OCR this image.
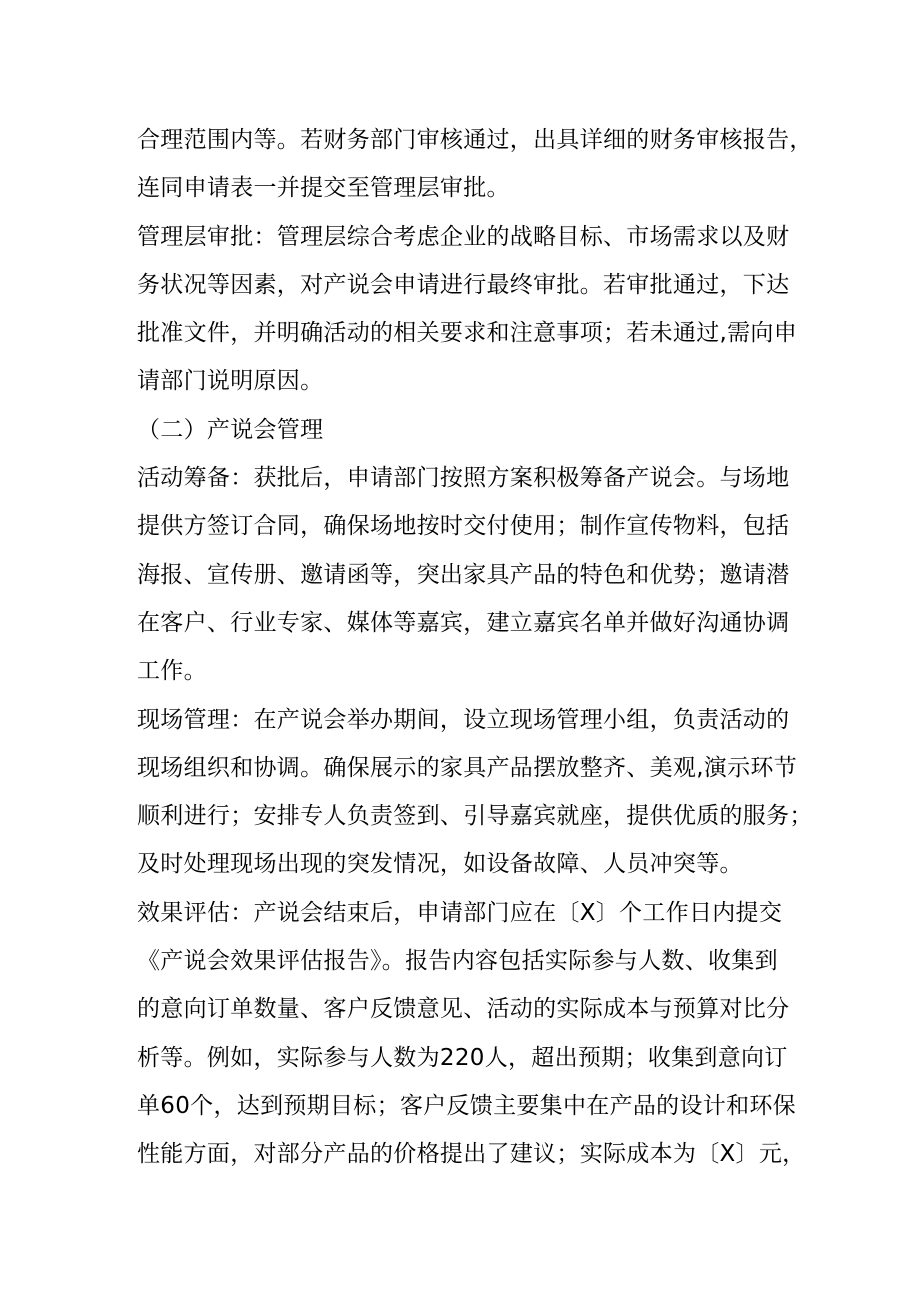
合理范围内等。若财务部门审核通过，出具详细的财务审核报告，
连同申请表一并提交至管理层审批。
管理层审批：管理层综合考虑企业的战略目标、市场需求以及财
务状况等因素，对产说会申请进行最终审批。若审批通过，下达
批准文件，并明确活动的相关要求和注意事项；若未通过,需向申
请部门说明原因。
（二）产说会管理
活动筹备：获批后，申请部门按照方案积极筹备产说会。与场地
提供方签订合同，确保场地按时交付使用；制作宣传物料，包括
海报、宣传册、邀请函等，突出家具产品的特色和优势；邀请潜
在客户、行业专家、媒体等嘉宾，建立嘉宾名单并做好沟通协调
工作。
现场管理：在产说会举办期间，设立现场管理小组，负责活动的
现场组织和协调。确保展示的家具产品摆放整齐、美观,演示环节
顺利进行；安排专人负责签到、引导嘉宾就座，提供优质的服务；
及时处理现场出现的突发情况，如设备故障、人员冲突等。
效果评估：产说会结束后，申请部门应在〔X〕个工作日内提交
《产说会效果评估报告》。报告内容包括实际参与人数、收集到
的意向订单数量、客户反馈意见、活动的实际成本与预算对比分
析等。例如，实际参与人数为220人，超出预期；收集到意向订
单60个，达到预期目标；客户反馈主要集中在产品的设计和环保
性能方面，对部分产品的价格提出了建议；实际成本为〔X〕元，
